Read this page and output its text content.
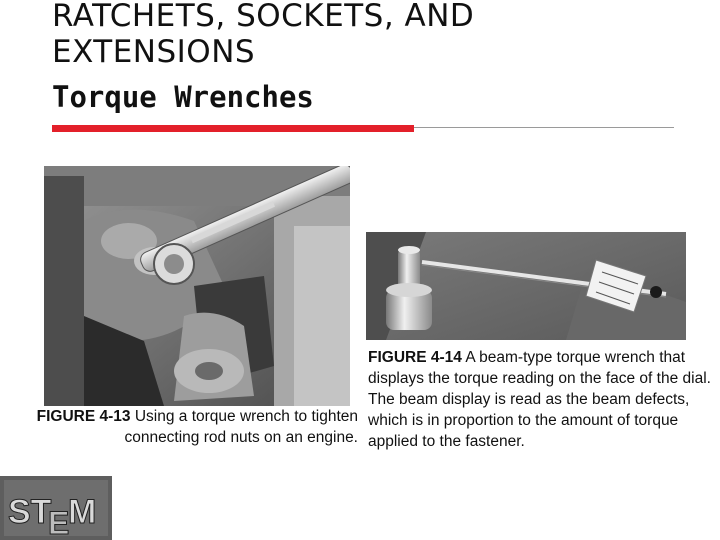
RATCHETS, SOCKETS, AND
EXTENSIONS
Torque Wrenches

FIGURE 4-13 Using a torque wrench to tighten connecting rod nuts on an engine.

FIGURE 4-14 A beam-type torque wrench that displays the torque reading on the face of the dial. The beam display is read as the beam defects, which is in proportion to the amount of torque applied to the fastener.

ST
E
M
